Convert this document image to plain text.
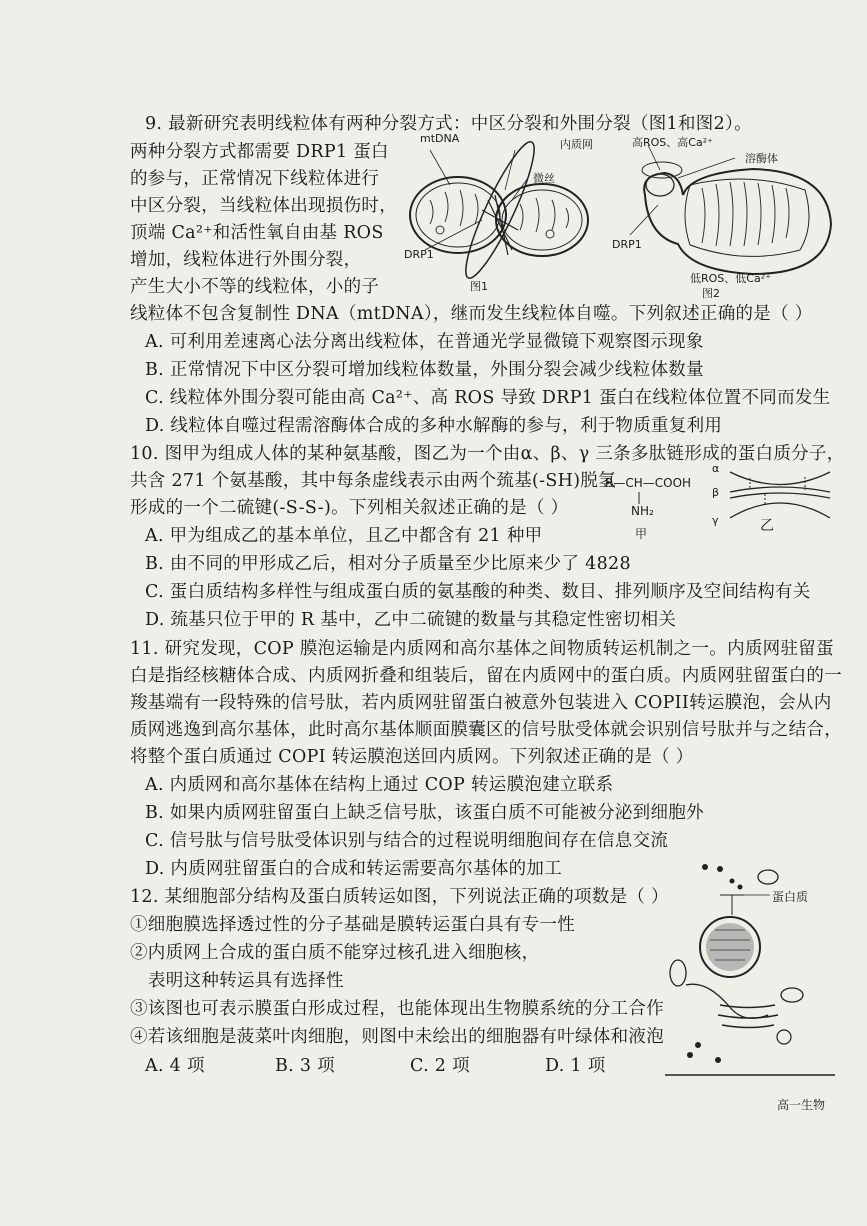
9. 最新研究表明线粒体有两种分裂方式：中区分裂和外围分裂（图1和图2）。
两种分裂方式都需要 DRP1 蛋白
的参与，正常情况下线粒体进行
中区分裂，当线粒体出现损伤时，
顶端 Ca²⁺和活性氧自由基 ROS
增加，线粒体进行外围分裂，
产生大小不等的线粒体，小的子
线粒体不包含复制性 DNA（mtDNA），继而发生线粒体自噬。下列叙述正确的是（ ）
A. 可利用差速离心法分离出线粒体，在普通光学显微镜下观察图示现象
B. 正常情况下中区分裂可增加线粒体数量，外围分裂会减少线粒体数量
C. 线粒体外围分裂可能由高 Ca²⁺、高 ROS 导致 DRP1 蛋白在线粒体位置不同而发生
D. 线粒体自噬过程需溶酶体合成的多种水解酶的参与，利于物质重复利用
mtDNA	内质网
微丝
DRP1
图1
高ROS、高Ca²⁺
溶酶体
DRP1
低ROS、低Ca²⁺
图2
10. 图甲为组成人体的某种氨基酸，图乙为一个由α、β、γ 三条多肽链形成的蛋白质分子，
共含 271 个氨基酸，其中每条虚线表示由两个巯基(-SH)脱氢
形成的一个二硫键(-S-S-)。下列相关叙述正确的是（ ）
A. 甲为组成乙的基本单位，且乙中都含有 21 种甲
B. 由不同的甲形成乙后，相对分子质量至少比原来少了 4828
C. 蛋白质结构多样性与组成蛋白质的氨基酸的种类、数目、排列顺序及空间结构有关
D. 巯基只位于甲的 R 基中，乙中二硫键的数量与其稳定性密切相关
R—CH—COOH
NH₂
甲
α
β
γ	乙
11. 研究发现，COP 膜泡运输是内质网和高尔基体之间物质转运机制之一。内质网驻留蛋
白是指经核糖体合成、内质网折叠和组装后，留在内质网中的蛋白质。内质网驻留蛋白的一
羧基端有一段特殊的信号肽，若内质网驻留蛋白被意外包装进入 COPII转运膜泡，会从内
质网逃逸到高尔基体，此时高尔基体顺面膜囊区的信号肽受体就会识别信号肽并与之结合，
将整个蛋白质通过 COPI 转运膜泡送回内质网。下列叙述正确的是（ ）
A. 内质网和高尔基体在结构上通过 COP 转运膜泡建立联系
B. 如果内质网驻留蛋白上缺乏信号肽，该蛋白质不可能被分泌到细胞外
C. 信号肽与信号肽受体识别与结合的过程说明细胞间存在信息交流
D. 内质网驻留蛋白的合成和转运需要高尔基体的加工
12. 某细胞部分结构及蛋白质转运如图，下列说法正确的项数是（ ）
①细胞膜选择透过性的分子基础是膜转运蛋白具有专一性
②内质网上合成的蛋白质不能穿过核孔进入细胞核，
表明这种转运具有选择性
③该图也可表示膜蛋白形成过程，也能体现出生物膜系统的分工合作
④若该细胞是菠菜叶肉细胞，则图中未绘出的细胞器有叶绿体和液泡
A. 4 项	B. 3 项	C. 2 项	D. 1 项
蛋白质
高一生物
